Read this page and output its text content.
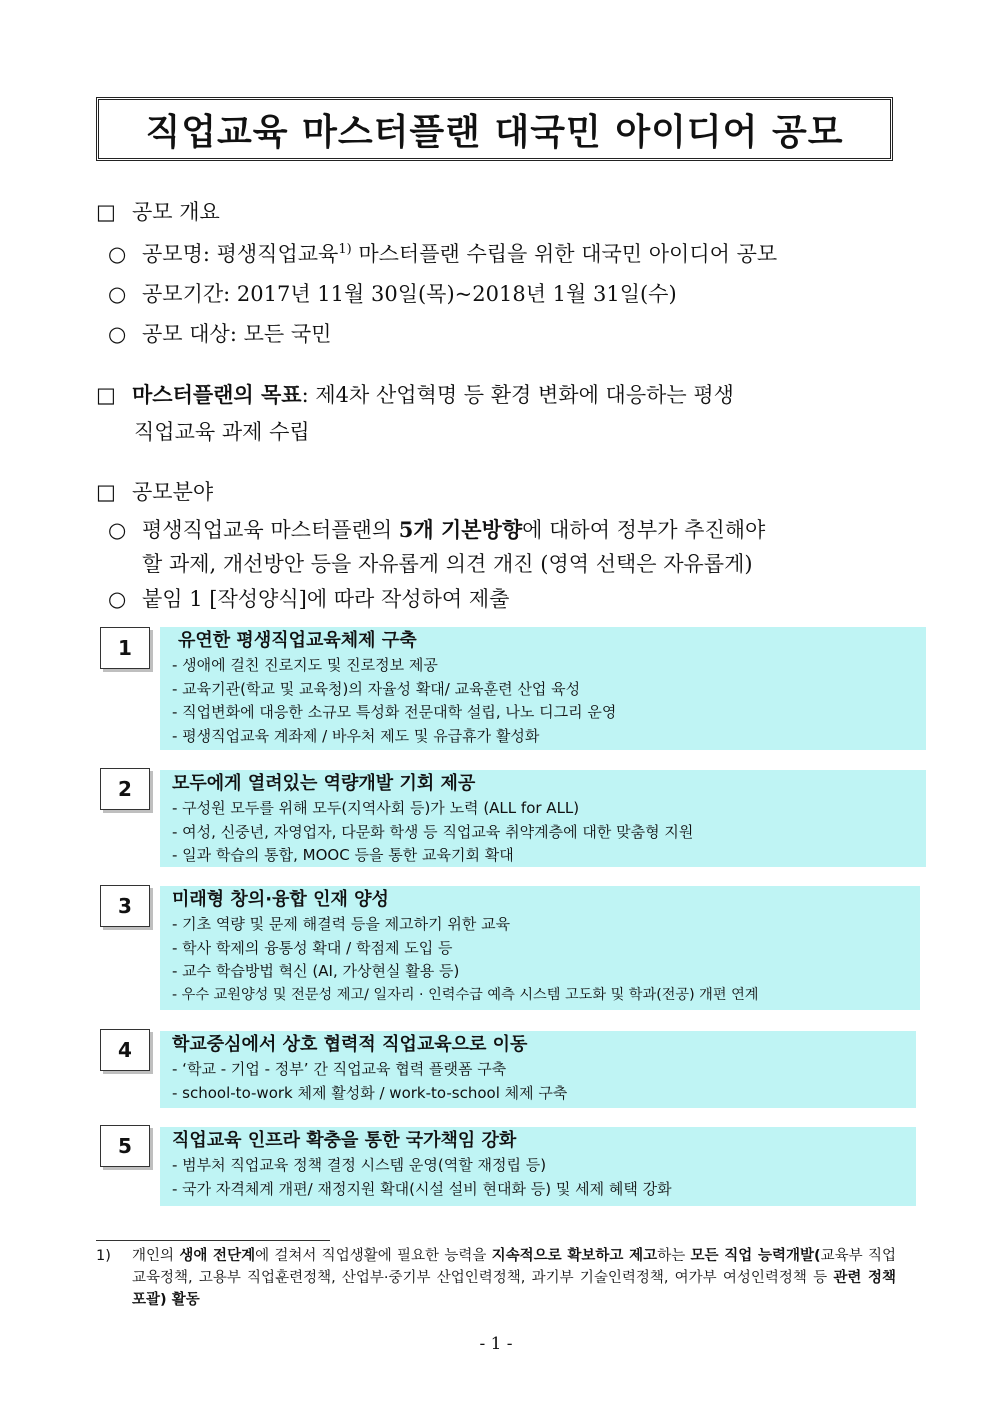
직업교육 마스터플랜 대국민 아이디어 공모
□ 공모 개요
○ 공모명: 평생직업교육$^{1)}$ 마스터플랜 수립을 위한 대국민 아이디어 공모
○ 공모기간: 2017년 11월 30일(목)~2018년 1월 31일(수)
○ 공모 대상: 모든 국민
□ 마스터플랜의 목표: 제4차 산업혁명 등 환경 변화에 대응하는 평생
직업교육 과제 수립
□ 공모분야
○ 평생직업교육 마스터플랜의 5개 기본방향에 대하여 정부가 추진해야
할 과제, 개선방안 등을 자유롭게 의견 개진 (영역 선택은 자유롭게)
○ 붙임 1 [작성양식]에 따라 작성하여 제출
1	유연한 평생직업교육체제 구축
- 생애에 걸친 진로지도 및 진로정보 제공
- 교육기관(학교 및 교육청)의 자율성 확대/ 교육훈련 산업 육성
- 직업변화에 대응한 소규모 특성화 전문대학 설립, 나노 디그리 운영
- 평생직업교육 계좌제 / 바우처 제도 및 유급휴가 활성화
2	모두에게 열려있는 역량개발 기회 제공
- 구성원 모두를 위해 모두(지역사회 등)가 노력 (ALL for ALL)
- 여성, 신중년, 자영업자, 다문화 학생 등 직업교육 취약계층에 대한 맞춤형 지원
- 일과 학습의 통합, MOOC 등을 통한 교육기회 확대
3	미래형 창의·융합 인재 양성
- 기초 역량 및 문제 해결력 등을 제고하기 위한 교육
- 학사 학제의 융통성 확대 / 학점제 도입 등
- 교수 학습방법 혁신 (AI, 가상현실 활용 등)
- 우수 교원양성 및 전문성 제고/ 일자리 · 인력수급 예측 시스템 고도화 및 학과(전공) 개편 연계
4	학교중심에서 상호 협력적 직업교육으로 이동
- ‘학교 - 기업 - 정부’ 간 직업교육 협력 플랫폼 구축
- school-to-work 체제 활성화 / work-to-school 체제 구축
5	직업교육 인프라 확충을 통한 국가책임 강화
- 범부처 직업교육 정책 결정 시스템 운영(역할 재정립 등)
- 국가 자격체계 개편/ 재정지원 확대(시설 설비 현대화 등) 및 세제 혜택 강화
1) 개인의 생애 전단계에 걸쳐서 직업생활에 필요한 능력을 지속적으로 확보하고 제고하는 모든 직업 능력개발(교육부 직업교육정책, 고용부 직업훈련정책, 산업부·중기부 산업인력정책, 과기부 기술인력정책, 여가부 여성인력정책 등 관련 정책 포괄) 활동
- 1 -
